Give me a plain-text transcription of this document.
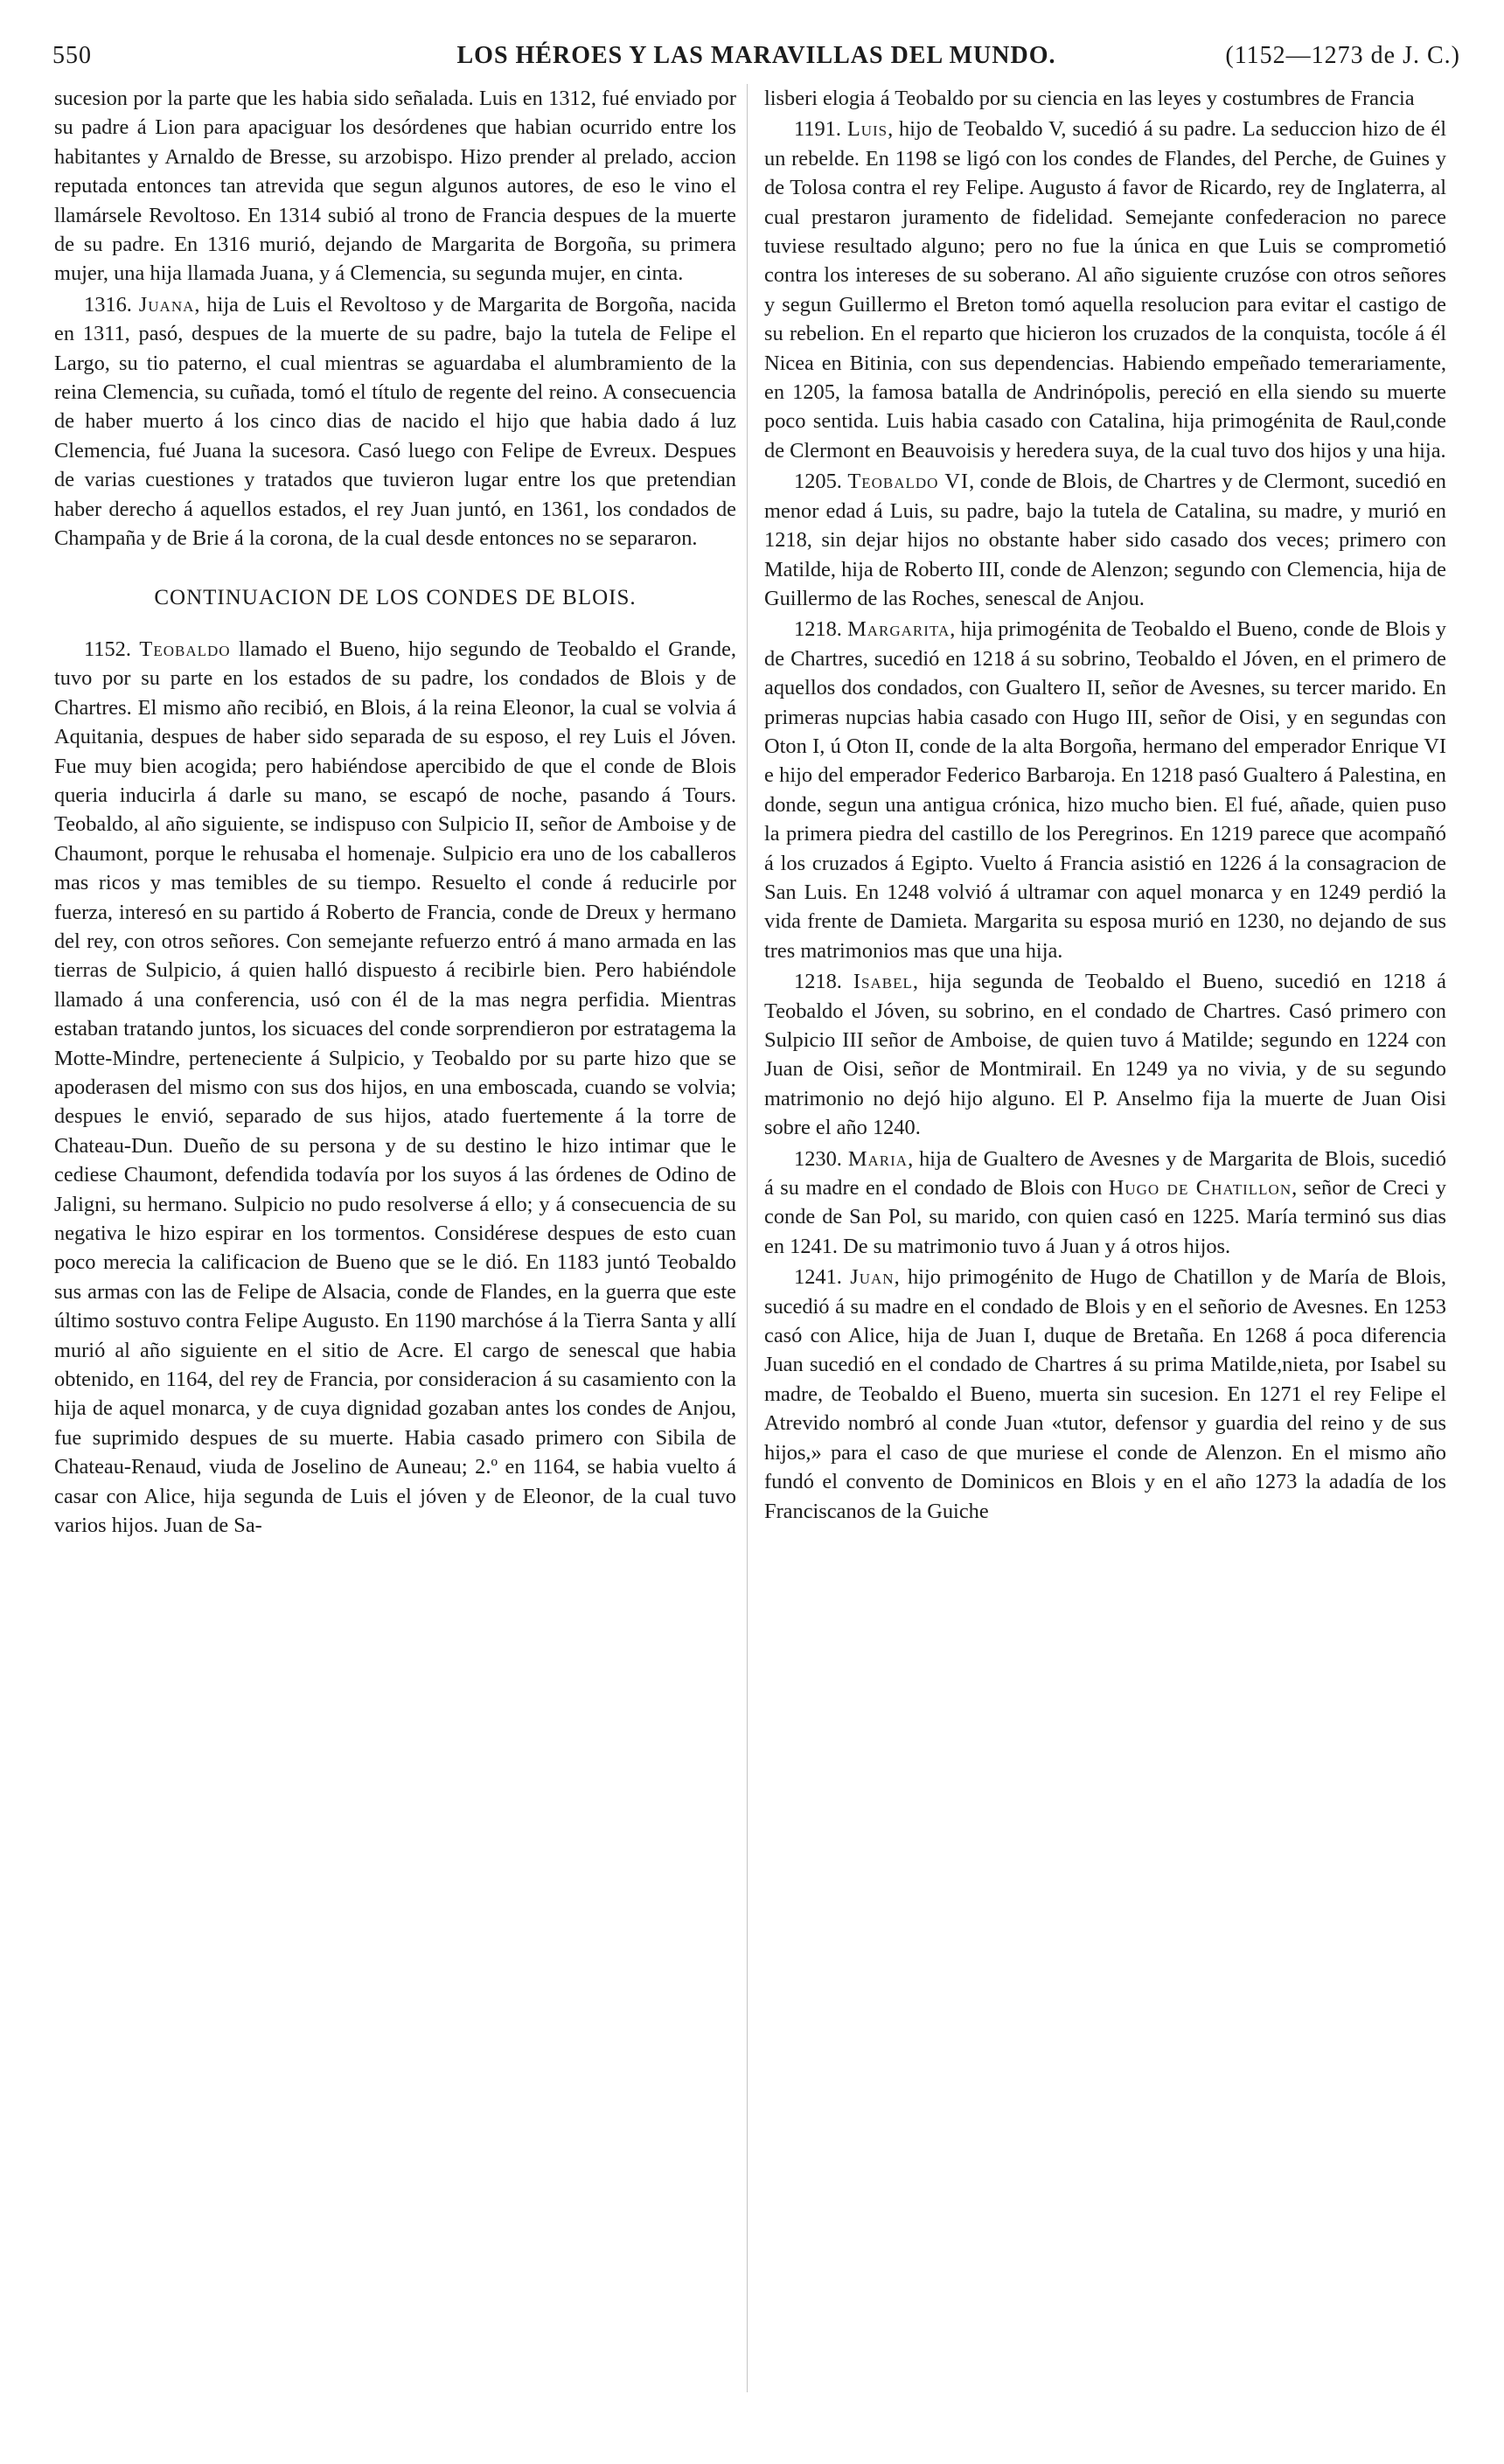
550	LOS HÉROES Y LAS MARAVILLAS DEL MUNDO.	(1152—1273 de J. C.)

sucesion por la parte que les habia sido señalada. Luis en 1312, fué enviado por su padre á Lion para apaciguar los desórdenes que habian ocurrido entre los habitantes y Arnaldo de Bresse, su arzobispo. Hizo prender al prelado, accion reputada entonces tan atrevida que segun algunos autores, de eso le vino el llamársele Revoltoso. En 1314 subió al trono de Francia despues de la muerte de su padre. En 1316 murió, dejando de Margarita de Borgoña, su primera mujer, una hija llamada Juana, y á Clemencia, su segunda mujer, en cinta.

1316. Juana, hija de Luis el Revoltoso y de Margarita de Borgoña, nacida en 1311, pasó, despues de la muerte de su padre, bajo la tutela de Felipe el Largo, su tio paterno, el cual mientras se aguardaba el alumbramiento de la reina Clemencia, su cuñada, tomó el título de regente del reino. A consecuencia de haber muerto á los cinco dias de nacido el hijo que habia dado á luz Clemencia, fué Juana la sucesora. Casó luego con Felipe de Evreux. Despues de varias cuestiones y tratados que tuvieron lugar entre los que pretendian haber derecho á aquellos estados, el rey Juan juntó, en 1361, los condados de Champaña y de Brie á la corona, de la cual desde entonces no se separaron.

CONTINUACION DE LOS CONDES DE BLOIS.

1152. Teobaldo llamado el Bueno, hijo segundo de Teobaldo el Grande, tuvo por su parte en los estados de su padre, los condados de Blois y de Chartres. El mismo año recibió, en Blois, á la reina Eleonor, la cual se volvia á Aquitania, despues de haber sido separada de su esposo, el rey Luis el Jóven. Fue muy bien acogida; pero habiéndose apercibido de que el conde de Blois queria inducirla á darle su mano, se escapó de noche, pasando á Tours. Teobaldo, al año siguiente, se indispuso con Sulpicio II, señor de Amboise y de Chaumont, porque le rehusaba el homenaje. Sulpicio era uno de los caballeros mas ricos y mas temibles de su tiempo. Resuelto el conde á reducirle por fuerza, interesó en su partido á Roberto de Francia, conde de Dreux y hermano del rey, con otros señores. Con semejante refuerzo entró á mano armada en las tierras de Sulpicio, á quien halló dispuesto á recibirle bien. Pero habiéndole llamado á una conferencia, usó con él de la mas negra perfidia. Mientras estaban tratando juntos, los sicuaces del conde sorprendieron por estratagema la Motte-Mindre, perteneciente á Sulpicio, y Teobaldo por su parte hizo que se apoderasen del mismo con sus dos hijos, en una emboscada, cuando se volvia; despues le envió, separado de sus hijos, atado fuertemente á la torre de Chateau-Dun. Dueño de su persona y de su destino le hizo intimar que le cediese Chaumont, defendida todavía por los suyos á las órdenes de Odino de Jaligni, su hermano. Sulpicio no pudo resolverse á ello; y á consecuencia de su negativa le hizo espirar en los tormentos. Considérese despues de esto cuan poco merecia la calificacion de Bueno que se le dió. En 1183 juntó Teobaldo sus armas con las de Felipe de Alsacia, conde de Flandes, en la guerra que este último sostuvo contra Felipe Augusto. En 1190 marchóse á la Tierra Santa y allí murió al año siguiente en el sitio de Acre. El cargo de senescal que habia obtenido, en 1164, del rey de Francia, por consideracion á su casamiento con la hija de aquel monarca, y de cuya dignidad gozaban antes los condes de Anjou, fue suprimido despues de su muerte. Habia casado primero con Sibila de Chateau-Renaud, viuda de Joselino de Auneau; 2.º en 1164, se habia vuelto á casar con Alice, hija segunda de Luis el jóven y de Eleonor, de la cual tuvo varios hijos. Juan de Sa-

lisberi elogia á Teobaldo por su ciencia en las leyes y costumbres de Francia

1191. Luis, hijo de Teobaldo V, sucedió á su padre. La seduccion hizo de él un rebelde. En 1198 se ligó con los condes de Flandes, del Perche, de Guines y de Tolosa contra el rey Felipe. Augusto á favor de Ricardo, rey de Inglaterra, al cual prestaron juramento de fidelidad. Semejante confederacion no parece tuviese resultado alguno; pero no fue la única en que Luis se comprometió contra los intereses de su soberano. Al año siguiente cruzóse con otros señores y segun Guillermo el Breton tomó aquella resolucion para evitar el castigo de su rebelion. En el reparto que hicieron los cruzados de la conquista, tocóle á él Nicea en Bitinia, con sus dependencias. Habiendo empeñado temerariamente, en 1205, la famosa batalla de Andrinópolis, pereció en ella siendo su muerte poco sentida. Luis habia casado con Catalina, hija primogénita de Raul,conde de Clermont en Beauvoisis y heredera suya, de la cual tuvo dos hijos y una hija.

1205. Teobaldo VI, conde de Blois, de Chartres y de Clermont, sucedió en menor edad á Luis, su padre, bajo la tutela de Catalina, su madre, y murió en 1218, sin dejar hijos no obstante haber sido casado dos veces; primero con Matilde, hija de Roberto III, conde de Alenzon; segundo con Clemencia, hija de Guillermo de las Roches, senescal de Anjou.

1218. Margarita, hija primogénita de Teobaldo el Bueno, conde de Blois y de Chartres, sucedió en 1218 á su sobrino, Teobaldo el Jóven, en el primero de aquellos dos condados, con Gualtero II, señor de Avesnes, su tercer marido. En primeras nupcias habia casado con Hugo III, señor de Oisi, y en segundas con Oton I, ú Oton II, conde de la alta Borgoña, hermano del emperador Enrique VI e hijo del emperador Federico Barbaroja. En 1218 pasó Gualtero á Palestina, en donde, segun una antigua crónica, hizo mucho bien. El fué, añade, quien puso la primera piedra del castillo de los Peregrinos. En 1219 parece que acompañó á los cruzados á Egipto. Vuelto á Francia asistió en 1226 á la consagracion de San Luis. En 1248 volvió á ultramar con aquel monarca y en 1249 perdió la vida frente de Damieta. Margarita su esposa murió en 1230, no dejando de sus tres matrimonios mas que una hija.

1218. Isabel, hija segunda de Teobaldo el Bueno, sucedió en 1218 á Teobaldo el Jóven, su sobrino, en el condado de Chartres. Casó primero con Sulpicio III señor de Amboise, de quien tuvo á Matilde; segundo en 1224 con Juan de Oisi, señor de Montmirail. En 1249 ya no vivia, y de su segundo matrimonio no dejó hijo alguno. El P. Anselmo fija la muerte de Juan Oisi sobre el año 1240.

1230. Maria, hija de Gualtero de Avesnes y de Margarita de Blois, sucedió á su madre en el condado de Blois con Hugo de Chatillon, señor de Creci y conde de San Pol, su marido, con quien casó en 1225. María terminó sus dias en 1241. De su matrimonio tuvo á Juan y á otros hijos.

1241. Juan, hijo primogénito de Hugo de Chatillon y de María de Blois, sucedió á su madre en el condado de Blois y en el señorio de Avesnes. En 1253 casó con Alice, hija de Juan I, duque de Bretaña. En 1268 á poca diferencia Juan sucedió en el condado de Chartres á su prima Matilde,nieta, por Isabel su madre, de Teobaldo el Bueno, muerta sin sucesion. En 1271 el rey Felipe el Atrevido nombró al conde Juan «tutor, defensor y guardia del reino y de sus hijos,» para el caso de que muriese el conde de Alenzon. En el mismo año fundó el convento de Dominicos en Blois y en el año 1273 la adadía de los Franciscanos de la Guiche
